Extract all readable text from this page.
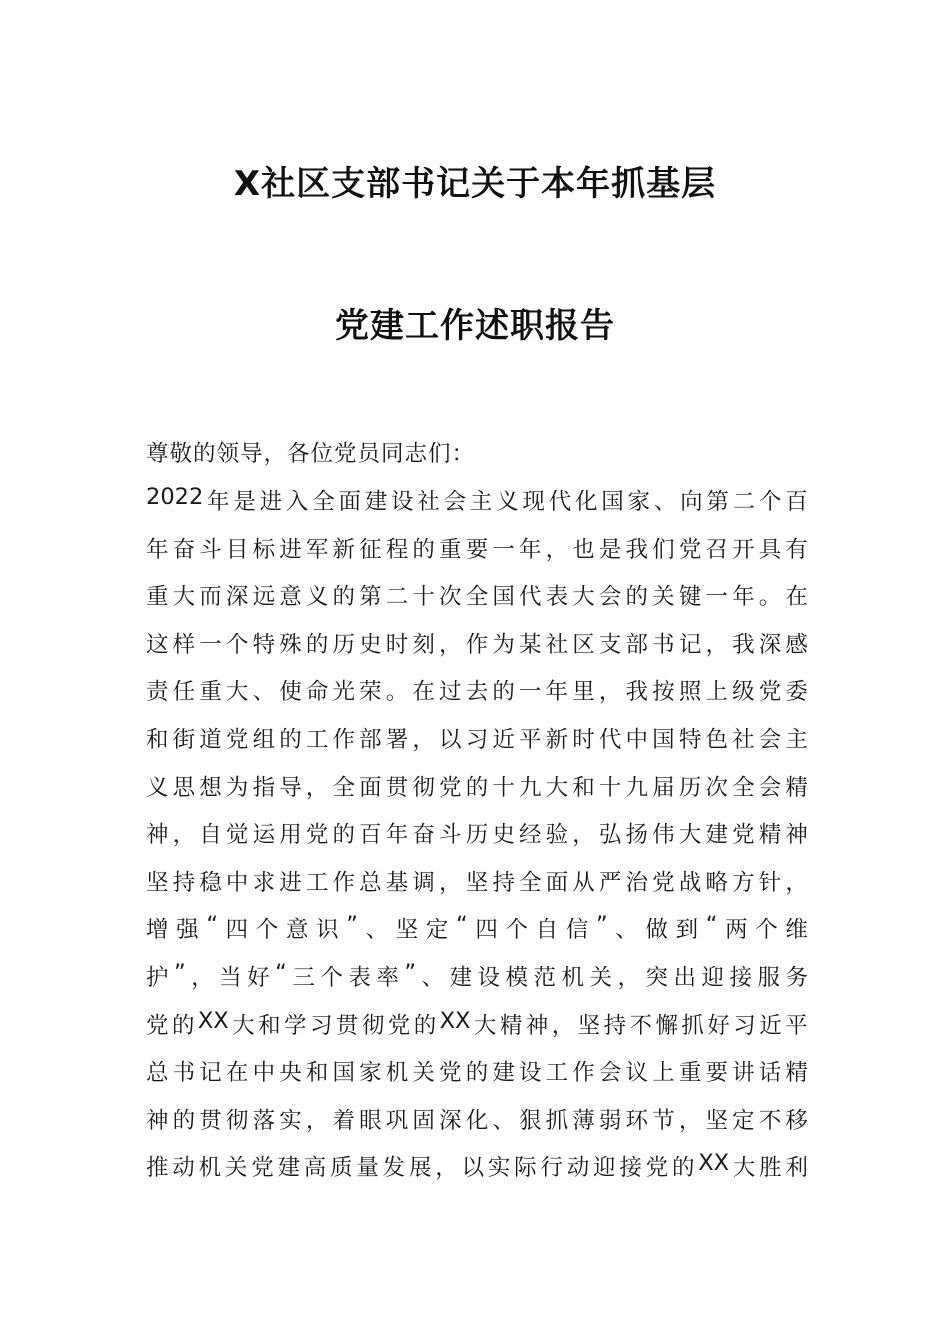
X社区支部书记关于本年抓基层
党建工作述职报告
尊敬的领导，各位党员同志们：
2022 年 是 进 入 全 面 建 设 社 会 主 义 现 代 化 国 家 、 向 第 二 个 百
年 奋 斗 目 标 进 军 新 征 程 的 重 要 一 年 ， 也 是 我 们 党 召 开 具 有
重 大 而 深 远 意 义 的 第 二 十 次 全 国 代 表 大 会 的 关 键 一 年 。 在
这 样 一 个 特 殊 的 历 史 时 刻 ， 作 为 某 社 区 支 部 书 记 ， 我 深 感
责 任 重 大 、 使 命 光 荣 。 在 过 去 的 一 年 里 ， 我 按 照 上 级 党 委
和 街 道 党 组 的 工 作 部 署 ， 以 习 近 平 新 时 代 中 国 特 色 社 会 主
义 思 想 为 指 导 ， 全 面 贯 彻 党 的 十 九 大 和 十 九 届 历 次 全 会 精
神 ， 自 觉 运 用 党 的 百 年 奋 斗 历 史 经 验 ， 弘 扬 伟 大 建 党 精 神
坚 持 稳 中 求 进 工 作 总 基 调 ， 坚 持 全 面 从 严 治 党 战 略 方 针 ，
增 强 “ 四 个 意 识 ” 、 坚 定 “ 四 个 自 信 ” 、 做 到 “ 两 个 维
护 ” ， 当 好 “ 三 个 表 率 ” 、 建 设 模 范 机 关 ， 突 出 迎 接 服 务
党 的 XX 大 和 学 习 贯 彻 党 的 XX 大 精 神 ， 坚 持 不 懈 抓 好 习 近 平
总 书 记 在 中 央 和 国 家 机 关 党 的 建 设 工 作 会 议 上 重 要 讲 话 精
神 的 贯 彻 落 实 ， 着 眼 巩 固 深 化 、 狠 抓 薄 弱 环 节 ， 坚 定 不 移
推 动 机 关 党 建 高 质 量 发 展 ， 以 实 际 行 动 迎 接 党 的 XX 大 胜 利
